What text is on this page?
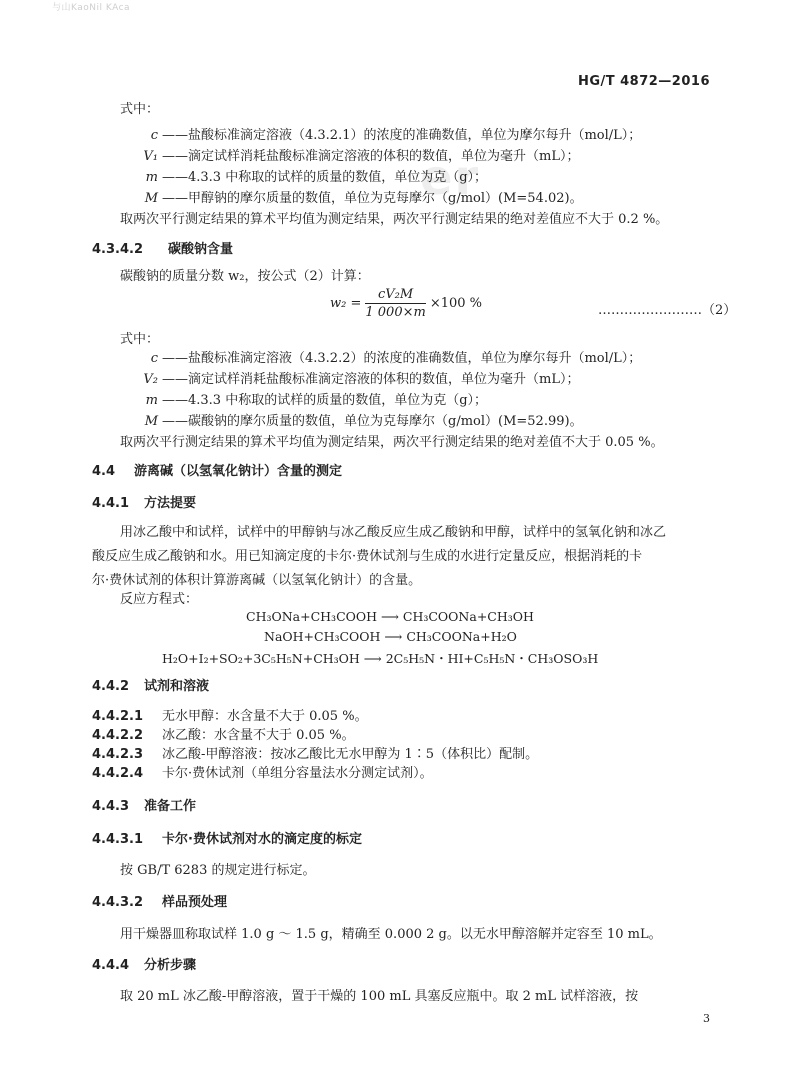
与山KaoNil KAca
er
HG/T 4872—2016
式中：
c ——盐酸标准滴定溶液（4.3.2.1）的浓度的准确数值，单位为摩尔每升（mol/L）；
V₁ ——滴定试样消耗盐酸标准滴定溶液的体积的数值，单位为毫升（mL）；
m ——4.3.3 中称取的试样的质量的数值，单位为克（g）；
M ——甲醇钠的摩尔质量的数值，单位为克每摩尔（g/mol）(M=54.02)。
取两次平行测定结果的算术平均值为测定结果，两次平行测定结果的绝对差值应不大于 0.2 %。
4.3.4.2 碳酸钠含量
碳酸钠的质量分数 w₂，按公式（2）计算：
$w_2 = \frac{\text{cV₂M}}{1 000\times m} \times 100$ %	……………………（2）
式中：
c ——盐酸标准滴定溶液（4.3.2.2）的浓度的准确数值，单位为摩尔每升（mol/L）；
V₂ ——滴定试样消耗盐酸标准滴定溶液的体积的数值，单位为毫升（mL）；
m ——4.3.3 中称取的试样的质量的数值，单位为克（g）；
M ——碳酸钠的摩尔质量的数值，单位为克每摩尔（g/mol）(M=52.99)。
取两次平行测定结果的算术平均值为测定结果，两次平行测定结果的绝对差值不大于 0.05 %。
4.4 游离碱（以氢氧化钠计）含量的测定
4.4.1 方法提要
用冰乙酸中和试样，试样中的甲醇钠与冰乙酸反应生成乙酸钠和甲醇，试样中的氢氧化钠和冰乙
酸反应生成乙酸钠和水。用已知滴定度的卡尔·费休试剂与生成的水进行定量反应，根据消耗的卡
尔·费休试剂的体积计算游离碱（以氢氧化钠计）的含量。
反应方程式：
CH₃ONa+CH₃COOH ⟶ CH₃COONa+CH₃OH
NaOH+CH₃COOH ⟶ CH₃COONa+H₂O
H₂O+I₂+SO₂+3C₅H₅N+CH₃OH ⟶ 2C₅H₅N・HI+C₅H₅N・CH₃OSO₃H
4.4.2 试剂和溶液
4.4.2.1 无水甲醇：水含量不大于 0.05 %。
4.4.2.2 冰乙酸：水含量不大于 0.05 %。
4.4.2.3 冰乙酸-甲醇溶液：按冰乙酸比无水甲醇为 1∶5（体积比）配制。
4.4.2.4 卡尔·费休试剂（单组分容量法水分测定试剂）。
4.4.3 准备工作
4.4.3.1 卡尔·费休试剂对水的滴定度的标定
按 GB/T 6283 的规定进行标定。
4.4.3.2 样品预处理
用干燥器皿称取试样 1.0 g ～ 1.5 g，精确至 0.000 2 g。以无水甲醇溶解并定容至 10 mL。
4.4.4 分析步骤
取 20 mL 冰乙酸-甲醇溶液，置于干燥的 100 mL 具塞反应瓶中。取 2 mL 试样溶液，按
3
